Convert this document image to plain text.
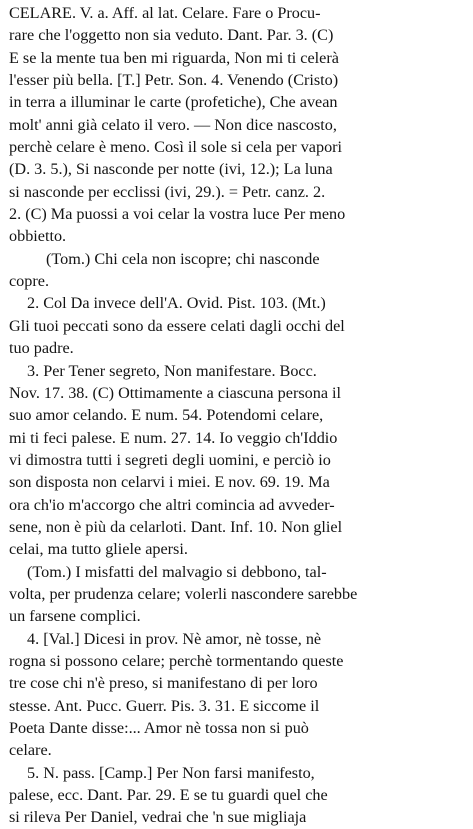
CELARE. V. a. Aff. al lat. Celare. Fare o Procu-
rare che l'oggetto non sia veduto. Dant. Par. 3. (C)
E se la mente tua ben mi riguarda, Non mi ti celerà
l'esser più bella. [T.] Petr. Son. 4. Venendo (Cristo)
in terra a illuminar le carte (profetiche), Che avean
molt' anni già celato il vero. — Non dice nascosto,
perchè celare è meno. Così il sole si cela per vapori
(D. 3. 5.), Si nasconde per notte (ivi, 12.); La luna
si nasconde per ecclissi (ivi, 29.). = Petr. canz. 2.
2. (C) Ma puossi a voi celar la vostra luce Per meno
obbietto.
(Tom.) Chi cela non iscopre; chi nasconde
copre.
2. Col Da invece dell'A. Ovid. Pist. 103. (Mt.)
Gli tuoi peccati sono da essere celati dagli occhi del
tuo padre.
3. Per Tener segreto, Non manifestare. Bocc.
Nov. 17. 38. (C) Ottimamente a ciascuna persona il
suo amor celando. E num. 54. Potendomi celare,
mi ti feci palese. E num. 27. 14. Io veggio ch'Iddio
vi dimostra tutti i segreti degli uomini, e perciò io
son disposta non celarvi i miei. E nov. 69. 19. Ma
ora ch'io m'accorgo che altri comincia ad avveder-
sene, non è più da celarloti. Dant. Inf. 10. Non gliel
celai, ma tutto gliele apersi.
(Tom.) I misfatti del malvagio si debbono, tal-
volta, per prudenza celare; volerli nascondere sarebbe
un farsene complici.
4. [Val.] Dicesi in prov. Nè amor, nè tosse, nè
rogna si possono celare; perchè tormentando queste
tre cose chi n'è preso, si manifestano di per loro
stesse. Ant. Pucc. Guerr. Pis. 3. 31. E siccome il
Poeta Dante disse:... Amor nè tossa non si può
celare.
5. N. pass. [Camp.] Per Non farsi manifesto,
palese, ecc. Dant. Par. 29. E se tu guardi quel che
si rileva Per Daniel, vedrai che 'n sue migliaja
